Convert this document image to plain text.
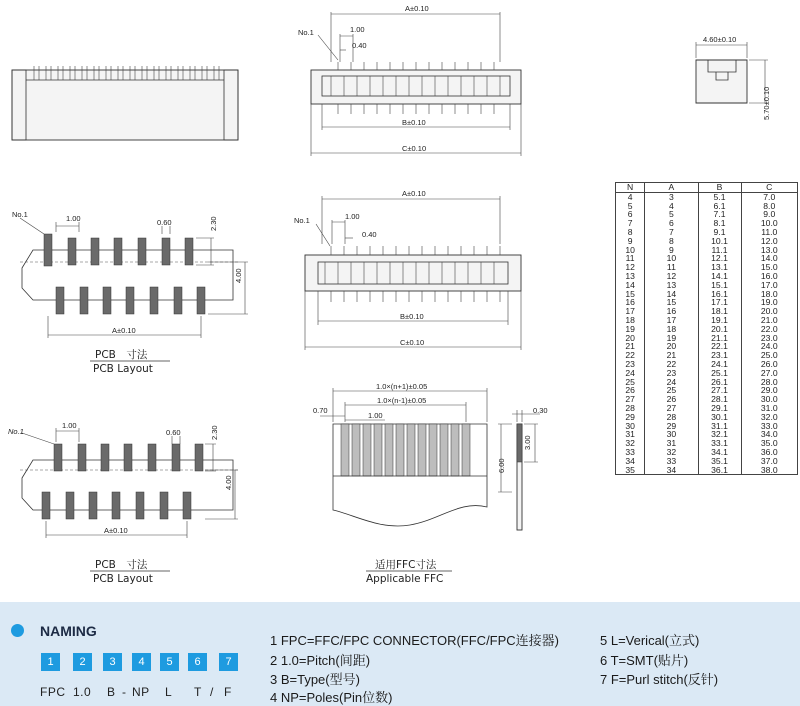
A±0.10
1.00
0.40
No.1
B±0.10
C±0.10
4.60±0.10
5.70±0.10
No.1	1.00	0.60	2.30
4.00
A±0.10
PCB　寸法
PCB Layout
A±0.10
1.00
0.40
No.1
B±0.10
C±0.10
No.1
1.00
0.60	2.30
4.00
A±0.10
PCB　寸法
PCB Layout
1.0×(n+1)±0.05
1.0×(n-1)±0.05
0.70
1.00
6.00
3.00
0.30
适用FFC寸法
Applicable FFC
N	A	B	C
4	3	5.1	7.0
5	4	6.1	8.0
6	5	7.1	9.0
7	6	8.1	10.0
8	7	9.1	11.0
9	8	10.1	12.0
10	9	11.1	13.0
11	10	12.1	14.0
12	11	13.1	15.0
13	12	14.1	16.0
14	13	15.1	17.0
15	14	16.1	18.0
16	15	17.1	19.0
17	16	18.1	20.0
18	17	19.1	21.0
19	18	20.1	22.0
20	19	21.1	23.0
21	20	22.1	24.0
22	21	23.1	25.0
23	22	24.1	26.0
24	23	25.1	27.0
25	24	26.1	28.0
26	25	27.1	29.0
27	26	28.1	30.0
28	27	29.1	31.0
29	28	30.1	32.0
30	29	31.1	33.0
31	30	32.1	34.0
32	31	33.1	35.0
33	32	34.1	36.0
34	33	35.1	37.0
35	34	36.1	38.0
NAMING
1	2	3	4	5	6	7
FPC 1.0 B - NP L T / F
1 FPC=FFC/FPC CONNECTOR(FFC/FPC连接器)
2 1.0=Pitch(间距)
3 B=Type(型号)
4 NP=Poles(Pin位数)
5 L=Verical(立式)
6 T=SMT(贴片)
7 F=Purl stitch(反针)
